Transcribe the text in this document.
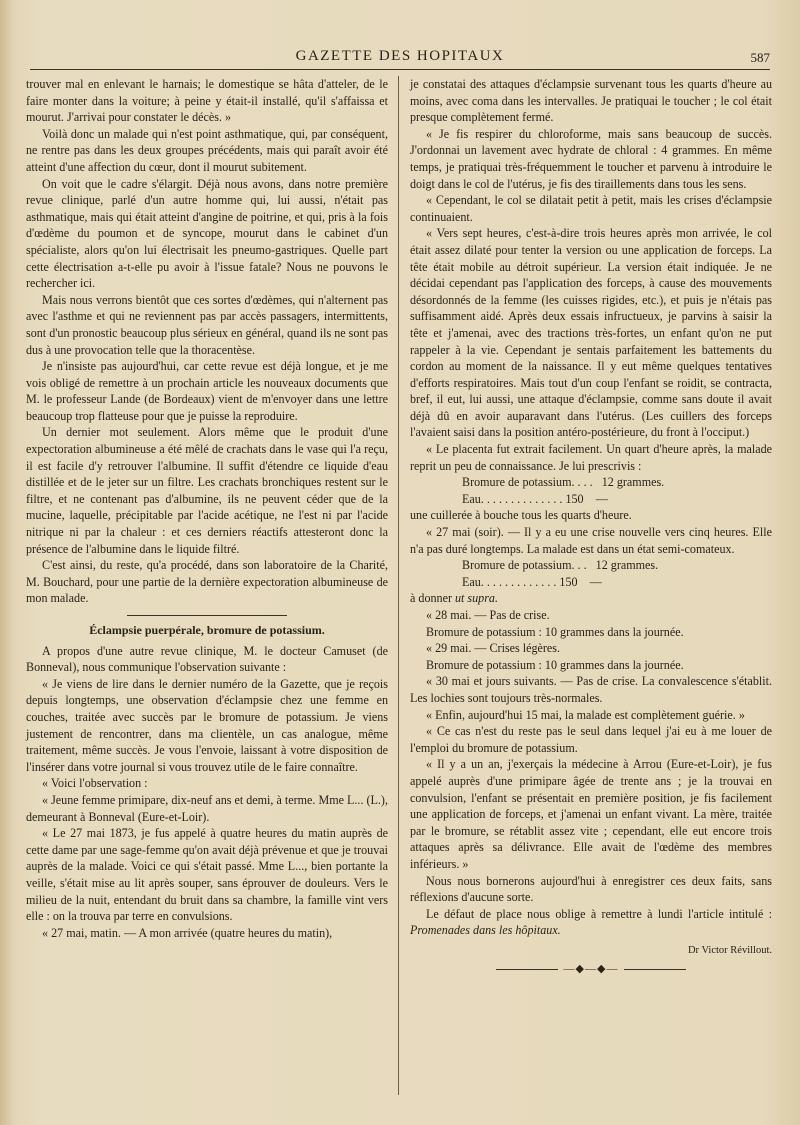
GAZETTE DES HOPITAUX	587

trouver mal en enlevant le harnais; le domestique se hâta d'atteler, de le faire monter dans la voiture; à peine y était-il installé, qu'il s'affaissa et mourut. J'arrivai pour constater le décès. »

Voilà donc un malade qui n'est point asthmatique, qui, par conséquent, ne rentre pas dans les deux groupes précédents, mais qui paraît avoir été atteint d'une affection du cœur, dont il mourut subitement.

On voit que le cadre s'élargit. Déjà nous avons, dans notre première revue clinique, parlé d'un autre homme qui, lui aussi, n'était pas asthmatique, mais qui était atteint d'angine de poitrine, et qui, pris à la fois d'œdème du poumon et de syncope, mourut dans le cabinet d'un spécialiste, alors qu'on lui électrisait les pneumo-gastriques. Quelle part cette électrisation a-t-elle pu avoir à l'issue fatale? Nous ne pouvons le rechercher ici.

Mais nous verrons bientôt que ces sortes d'œdèmes, qui n'alternent pas avec l'asthme et qui ne reviennent pas par accès passagers, intermittents, sont d'un pronostic beaucoup plus sérieux en général, quand ils ne sont pas dus à une provocation telle que la thoracentèse.

Je n'insiste pas aujourd'hui, car cette revue est déjà longue, et je me vois obligé de remettre à un prochain article les nouveaux documents que M. le professeur Lande (de Bordeaux) vient de m'envoyer dans une lettre beaucoup trop flatteuse pour que je puisse la reproduire.

Un dernier mot seulement. Alors même que le produit d'une expectoration albumineuse a été mêlé de crachats dans le vase qui l'a reçu, il est facile d'y retrouver l'albumine. Il suffit d'étendre ce liquide d'eau distillée et de le jeter sur un filtre. Les crachats bronchiques restent sur le filtre, et ne contenant pas d'albumine, ils ne peuvent céder que de la mucine, laquelle, précipitable par l'acide acétique, ne l'est ni par l'acide nitrique ni par la chaleur : et ces derniers réactifs attesteront donc la présence de l'albumine dans le liquide filtré.

C'est ainsi, du reste, qu'a procédé, dans son laboratoire de la Charité, M. Bouchard, pour une partie de la dernière expectoration albumineuse de mon malade.

Éclampsie puerpérale, bromure de potassium.

A propos d'une autre revue clinique, M. le docteur Camuset (de Bonneval), nous communique l'observation suivante :

« Je viens de lire dans le dernier numéro de la Gazette, que je reçois depuis longtemps, une observation d'éclampsie chez une femme en couches, traitée avec succès par le bromure de potassium. Je viens justement de rencontrer, dans ma clientèle, un cas analogue, même traitement, même succès. Je vous l'envoie, laissant à votre disposition de l'insérer dans votre journal si vous trouvez utile de le faire connaître.

« Voici l'observation :

« Jeune femme primipare, dix-neuf ans et demi, à terme. Mme L... (L.), demeurant à Bonneval (Eure-et-Loir).

« Le 27 mai 1873, je fus appelé à quatre heures du matin auprès de cette dame par une sage-femme qu'on avait déjà prévenue et que je trouvai auprès de la malade. Voici ce qui s'était passé. Mme L..., bien portante la veille, s'était mise au lit après souper, sans éprouver de douleurs. Vers le milieu de la nuit, entendant du bruit dans sa chambre, la famille vint vers elle : on la trouva par terre en convulsions.

« 27 mai, matin. — A mon arrivée (quatre heures du matin),

je constatai des attaques d'éclampsie survenant tous les quarts d'heure au moins, avec coma dans les intervalles. Je pratiquai le toucher ; le col était presque complètement fermé.

« Je fis respirer du chloroforme, mais sans beaucoup de succès. J'ordonnai un lavement avec hydrate de chloral : 4 grammes. En même temps, je pratiquai très-fréquemment le toucher et parvenu à introduire le doigt dans le col de l'utérus, je fis des tiraillements dans tous les sens.

« Cependant, le col se dilatait petit à petit, mais les crises d'éclampsie continuaient.

« Vers sept heures, c'est-à-dire trois heures après mon arrivée, le col était assez dilaté pour tenter la version ou une application de forceps. La tête était mobile au détroit supérieur. La version était indiquée. Je ne décidai cependant pas l'application des forceps, à cause des mouvements désordonnés de la femme (les cuisses rigides, etc.), et puis je n'étais pas suffisamment aidé. Après deux essais infructueux, je parvins à saisir la tête et j'amenai, avec des tractions très-fortes, un enfant qu'on ne put rappeler à la vie. Cependant je sentais parfaitement les battements du cordon au moment de la naissance. Il y eut même quelques tentatives d'efforts respiratoires. Mais tout d'un coup l'enfant se roidit, se contracta, bref, il eut, lui aussi, une attaque d'éclampsie, comme sans doute il avait déjà dû en avoir auparavant dans l'utérus. (Les cuillers des forceps l'avaient saisi dans la position antéro-postérieure, du front à l'occiput.)

« Le placenta fut extrait facilement. Un quart d'heure après, la malade reprit un peu de connaissance. Je lui prescrivis :

Bromure de potassium. . . .   12 grammes.

Eau. . . . . . . . . . . . . . 150    —

une cuillerée à bouche tous les quarts d'heure.

« 27 mai (soir). — Il y a eu une crise nouvelle vers cinq heures. Elle n'a pas duré longtemps. La malade est dans un état semi-comateux.

Bromure de potassium. . .   12 grammes.

Eau. . . . . . . . . . . . . 150    —

à donner ut supra.

« 28 mai. — Pas de crise.

Bromure de potassium : 10 grammes dans la journée.

« 29 mai. — Crises légères.

Bromure de potassium : 10 grammes dans la journée.

« 30 mai et jours suivants. — Pas de crise. La convalescence s'établit. Les lochies sont toujours très-normales.

« Enfin, aujourd'hui 15 mai, la malade est complètement guérie. »

« Ce cas n'est du reste pas le seul dans lequel j'ai eu à me louer de l'emploi du bromure de potassium.

« Il y a un an, j'exerçais la médecine à Arrou (Eure-et-Loir), je fus appelé auprès d'une primipare âgée de trente ans ; je la trouvai en convulsion, l'enfant se présentait en première position, je fis facilement une application de forceps, et j'amenai un enfant vivant. La mère, traitée par le bromure, se rétablit assez vite ; cependant, elle eut encore trois attaques après sa délivrance. Elle avait de l'œdème des membres inférieurs. »

Nous nous bornerons aujourd'hui à enregistrer ces deux faits, sans réflexions d'aucune sorte.

Le défaut de place nous oblige à remettre à lundi l'article intitulé : Promenades dans les hôpitaux.

Dr Victor Révillout.

—◆—◆—
